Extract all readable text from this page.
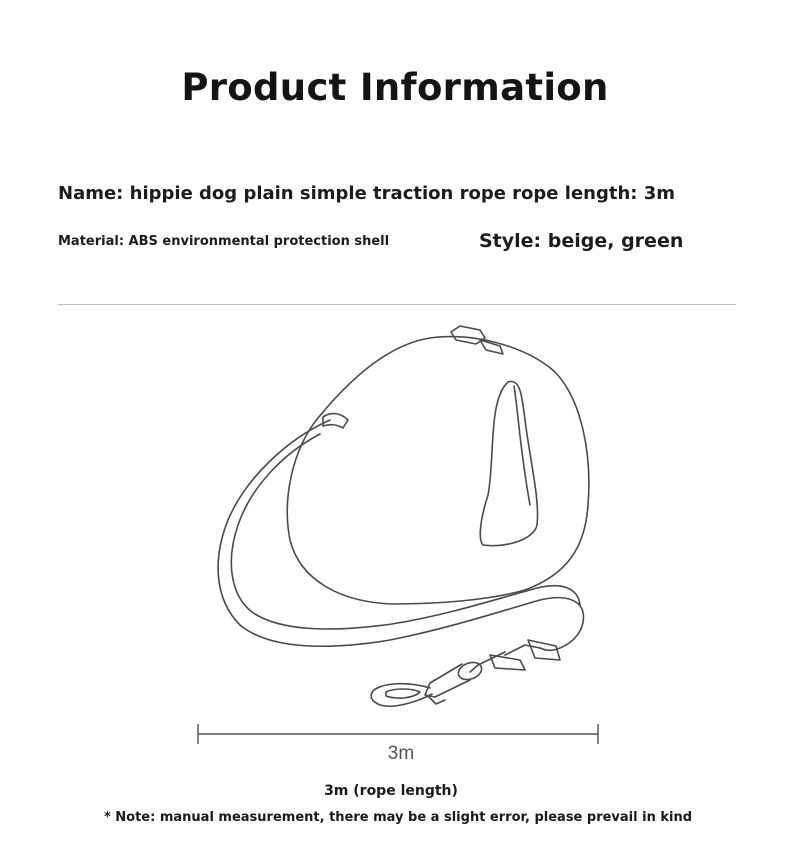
Product Information
Name: hippie dog plain simple traction rope rope length: 3m
Material: ABS environmental protection shell	Style: beige, green
3m
3m (rope length)
* Note: manual measurement, there may be a slight error, please prevail in kind
